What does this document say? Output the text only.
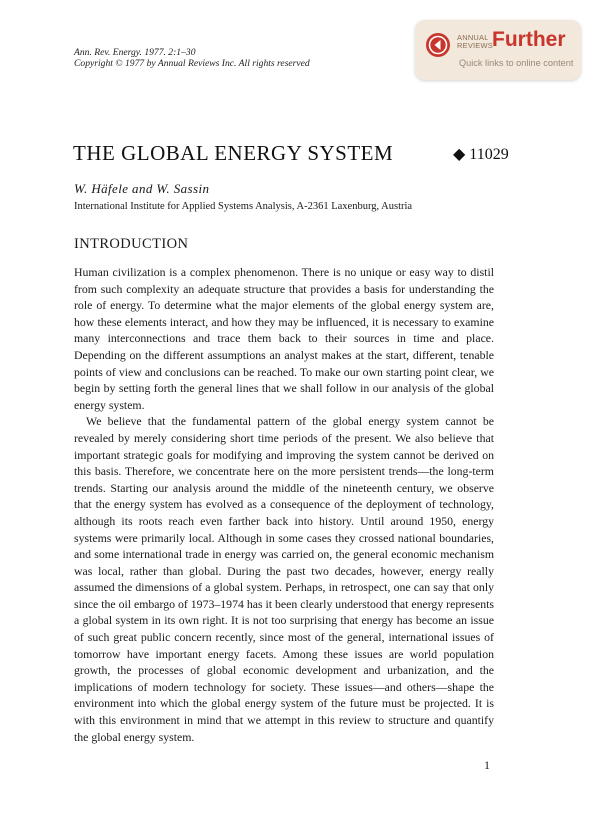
Ann. Rev. Energy. 1977. 2:1–30
Copyright © 1977 by Annual Reviews Inc. All rights reserved
ANNUAL
REVIEWS Further
Quick links to online content
THE GLOBAL ENERGY SYSTEM	◆ 11029
W. Häfele and W. Sassin
International Institute for Applied Systems Analysis, A-2361 Laxenburg, Austria
INTRODUCTION

Human civilization is a complex phenomenon. There is no unique or easy way to distil from such complexity an adequate structure that provides a basis for understanding the role of energy. To determine what the major elements of the global energy system are, how these elements interact, and how they may be influenced, it is necessary to examine many interconnections and trace them back to their sources in time and place. Depending on the different assumptions an analyst makes at the start, different, tenable points of view and conclusions can be reached. To make our own starting point clear, we begin by setting forth the general lines that we shall follow in our analysis of the global energy system.

We believe that the fundamental pattern of the global energy system cannot be revealed by merely considering short time periods of the present. We also believe that important strategic goals for modifying and improving the system cannot be derived on this basis. Therefore, we concentrate here on the more persistent trends—the long-term trends. Starting our analysis around the middle of the nineteenth century, we observe that the energy system has evolved as a consequence of the deployment of technology, although its roots reach even farther back into history. Until around 1950, energy systems were primarily local. Although in some cases they crossed national boundaries, and some international trade in energy was carried on, the general economic mechanism was local, rather than global. During the past two decades, however, energy really assumed the dimensions of a global system. Perhaps, in retrospect, one can say that only since the oil embargo of 1973–1974 has it been clearly understood that energy represents a global system in its own right. It is not too surprising that energy has become an issue of such great public concern recently, since most of the general, international issues of tomorrow have important energy facets. Among these issues are world population growth, the processes of global economic development and urbanization, and the implications of modern technology for society. These issues—and others—shape the environment into which the global energy system of the future must be projected. It is with this environment in mind that we attempt in this review to structure and quantify the global energy system.

1
